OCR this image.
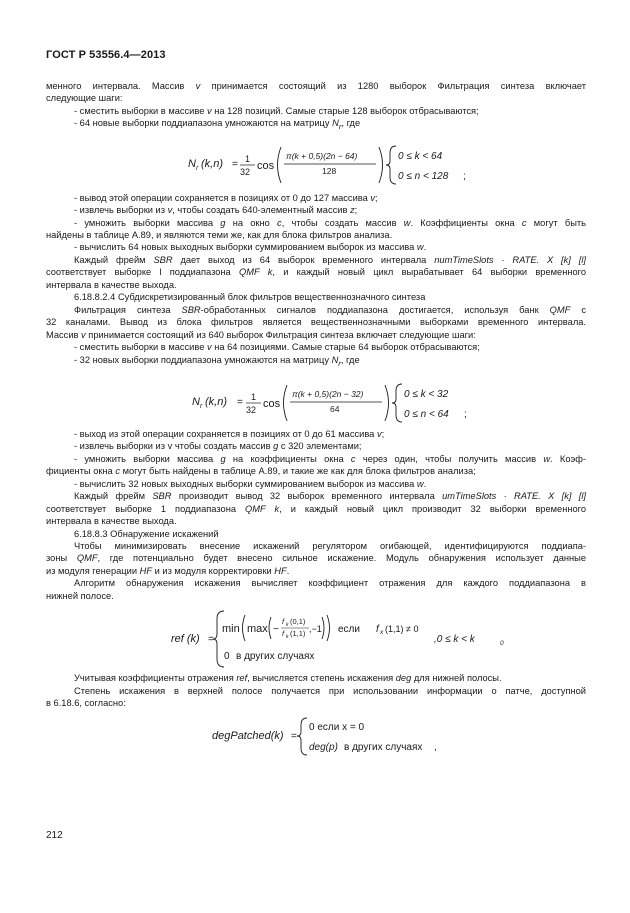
ГОСТ Р 53556.4—2013

менного интервала. Массив v принимается состоящий из 1280 выборок Фильтрация синтеза включает

следующие шаги:

- сместить выборки в массиве v на 128 позиций. Самые старые 128 выборок отбрасываются;

- 64 новые выборки поддиапазона умножаются на матрицу $N_r$, где

N r (k,n) = 1
32 cos
π(k + 0,5)(2n − 64)
128
0 ≤ k < 64
0 ≤ n < 128 ;

- вывод этой операции сохраняется в позициях от 0 до 127 массива v;

- извлечь выборки из v, чтобы создать 640-элементный массив z;

- умножить выборки массива g на окно c, чтобы создать массив w. Коэффициенты окна c могут быть

найдены в таблице А.89, и являются теми же, как для блока фильтров анализа.

- вычислить 64 новых выходных выборки суммированием выборок из массива w.

Каждый фрейм SBR дает выход из 64 выборок временного интервала numTimeSlots · RATE. X [k] [l]

соответствует выборке l поддиапазона QMF k, и каждый новый цикл вырабатывает 64 выборки временного

интервала в качестве выхода.

6.18.8.2.4 Субдискретизированный блок фильтров вещественнозначного синтеза

Фильтрация синтеза SBR-обработанных сигналов поддиапазона достигается, используя банк QMF с

32 каналами. Вывод из блока фильтров является вещественнозначными выборками временного интервала.

Массив v принимается состоящий из 640 выборок Фильтрация синтеза включает следующие шаги:

- сместить выборки в массиве v на 64 позициями. Самые старые 64 выборок отбрасываются;

- 32 новых выборки поддиапазона умножаются на матрицу $N_r$, где

N r (k,n) = 1
32 cos
π(k + 0,5)(2n − 32)
64
0 ≤ k < 32
0 ≤ n < 64 ;

- выход из этой операции сохраняется в позициях от 0 до 61 массива v;

- извлечь выборки из v чтобы создать массив g с 320 элементами;

- умножить выборки массива g на коэффициенты окна c через один, чтобы получить массив w. Коэф-

фициенты окна c могут быть найдены в таблице А.89, и такие же как для блока фильтров анализа;

- вычислить 32 новых выходных выборки суммированием выборок из массива w.

Каждый фрейм SBR производит вывод 32 выборок временного интервала umTimeSlots · RATE. X [k] [l]

соответствует выборке 1 поддиапазона QMF k, и каждый новый цикл производит 32 выборки временного

интервала в качестве выхода.

6.18.8.3 Обнаружение искажений

Чтобы минимизировать внесение искажений регулятором огибающей, идентифицируются поддиапа-

зоны QMF, где потенциально будет внесено сильное искажение. Модуль обнаружения использует данные

из модуля генерации HF и из модуля корректировки HF.

Алгоритм обнаружения искажения вычисляет коэффициент отражения для каждого поддиапазона в

нижней полосе.

ref (k) =
min max −
f k (0,1)
f k (1,1) ,−1 если f x (1,1) ≠ 0
0 в других случаях
,0 ≤ k < k	0

Учитывая коэффициенты отражения ref, вычисляется степень искажения deg для нижней полосы.

Степень искажения в верхней полосе получается при использовании информации о патче, доступной

в 6.18.6, согласно:

degPatched(k) =
0 если x = 0
deg(p) в других случаях ,
212
